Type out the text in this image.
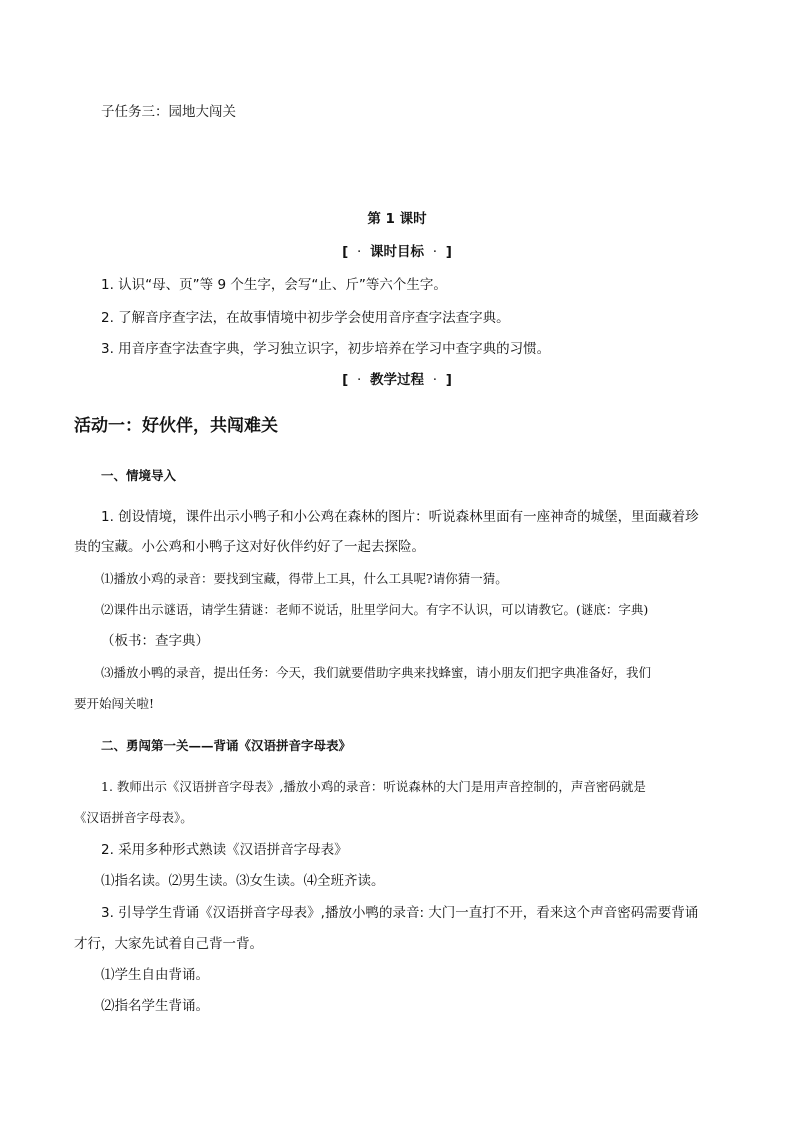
子任务三：园地大闯关
第 1 课时
[ · 课时目标 · ]
1. 认识“母、页”等 9 个生字，会写“止、斤”等六个生字。
2. 了解音序查字法，在故事情境中初步学会使用音序查字法查字典。
3. 用音序查字法查字典，学习独立识字，初步培养在学习中查字典的习惯。
[ · 教学过程 · ]
活动一：好伙伴，共闯难关
一、情境导入
1. 创设情境，课件出示小鸭子和小公鸡在森林的图片：听说森林里面有一座神奇的城堡，里面藏着珍
贵的宝藏。小公鸡和小鸭子这对好伙伴约好了一起去探险。
⑴播放小鸡的录音：要找到宝藏，得带上工具，什么工具呢?请你猜一猜。
⑵课件出示谜语，请学生猜谜：老师不说话，肚里学问大。有字不认识，可以请教它。(谜底：字典)
（板书：查字典）
⑶播放小鸭的录音，提出任务：今天，我们就要借助字典来找蜂蜜，请小朋友们把字典准备好，我们
要开始闯关啦!
二、勇闯第一关——背诵《汉语拼音字母表》
1. 教师出示《汉语拼音字母表》,播放小鸡的录音：听说森林的大门是用声音控制的，声音密码就是
《汉语拼音字母表》。
2. 采用多种形式熟读《汉语拼音字母表》
⑴指名读。⑵男生读。⑶女生读。⑷全班齐读。
3. 引导学生背诵《汉语拼音字母表》,播放小鸭的录音: 大门一直打不开，看来这个声音密码需要背诵
才行，大家先试着自己背一背。
⑴学生自由背诵。
⑵指名学生背诵。
